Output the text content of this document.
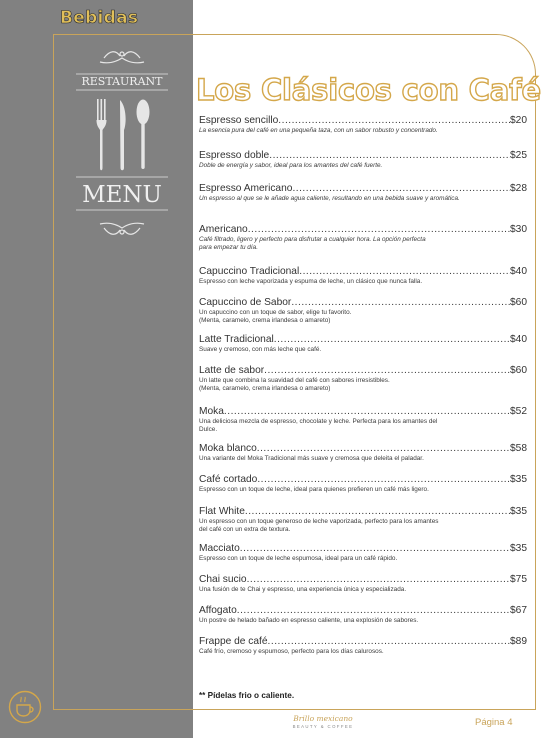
Bebidas
RESTAURANT
MENU
Los Clásicos con Café
Espresso sencillo .....	$20
La esencia pura del café en una pequeña taza, con un sabor robusto y concentrado.
Espresso doble .....	$25
Doble de energía y sabor, ideal para los amantes del café fuerte.
Espresso Americano .....	$28
Un espresso al que se le añade agua caliente, resultando en una bebida suave y aromática.
Americano .....	$30
Café filtrado, ligero y perfecto para disfrutar a cualquier hora. La opción perfecta
para empezar tu día.
Capuccino Tradicional .....	$40
Espresso con leche vaporizada y espuma de leche, un clásico que nunca falla.
Capuccino de Sabor .....	$60
Un capuccino con un toque de sabor, elige tu favorito.
(Menta, caramelo, crema irlandesa o amareto)
Latte Tradicional .....	$40
Suave y cremoso, con más leche que café.
Latte de sabor .....	$60
Un latte que combina la suavidad del café con sabores irresistibles.
(Menta, caramelo, crema irlandesa o amareto)
Moka .....	$52
Una deliciosa mezcla de espresso, chocolate y leche. Perfecta para los amantes del
Dulce.
Moka blanco .....	$58
Una variante del Moka Tradicional más suave y cremosa que deleita el paladar.
Café cortado .....	$35
Espresso con un toque de leche, ideal para quienes prefieren un café más ligero.
Flat White .....	$35
Un espresso con un toque generoso de leche vaporizada, perfecto para los amantes
del café con un extra de textura.
Macciato .....	$35
Espresso con un toque de leche espumosa, ideal para un café rápido.
Chai sucio .....	$75
Una fusión de te Chai y espresso, una experiencia única y especializada.
Affogato .....	$67
Un postre de helado bañado en espresso caliente, una explosión de sabores.
Frappe de café .....	$89
Café frío, cremoso y espumoso, perfecto para los días calurosos.
** Pídelas frio o caliente.
Brillo mexicano
BEAUTY & COFFEE	Página 4
